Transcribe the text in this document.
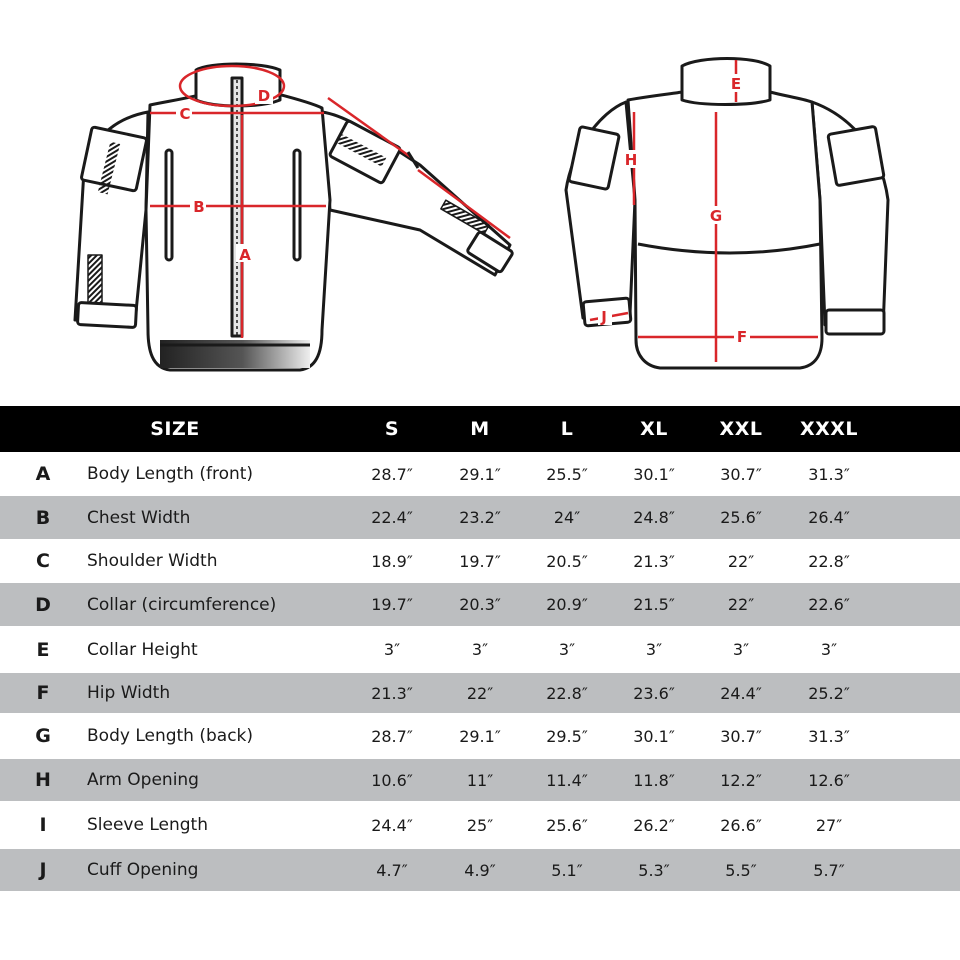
A
B
C
D
E
F
G
H
J
SIZE	S	M	L	XL	XXL	XXXL
A	Body Length (front)	28.7″	29.1″	25.5″	30.1″	30.7″	31.3″
B	Chest Width	22.4″	23.2″	24″	24.8″	25.6″	26.4″
C	Shoulder Width	18.9″	19.7″	20.5″	21.3″	22″	22.8″
D	Collar (circumference)	19.7″	20.3″	20.9″	21.5″	22″	22.6″
E	Collar Height	3″	3″	3″	3″	3″	3″
F	Hip Width	21.3″	22″	22.8″	23.6″	24.4″	25.2″
G	Body Length (back)	28.7″	29.1″	29.5″	30.1″	30.7″	31.3″
H	Arm Opening	10.6″	11″	11.4″	11.8″	12.2″	12.6″
I	Sleeve Length	24.4″	25″	25.6″	26.2″	26.6″	27″
J	Cuff Opening	4.7″	4.9″	5.1″	5.3″	5.5″	5.7″
